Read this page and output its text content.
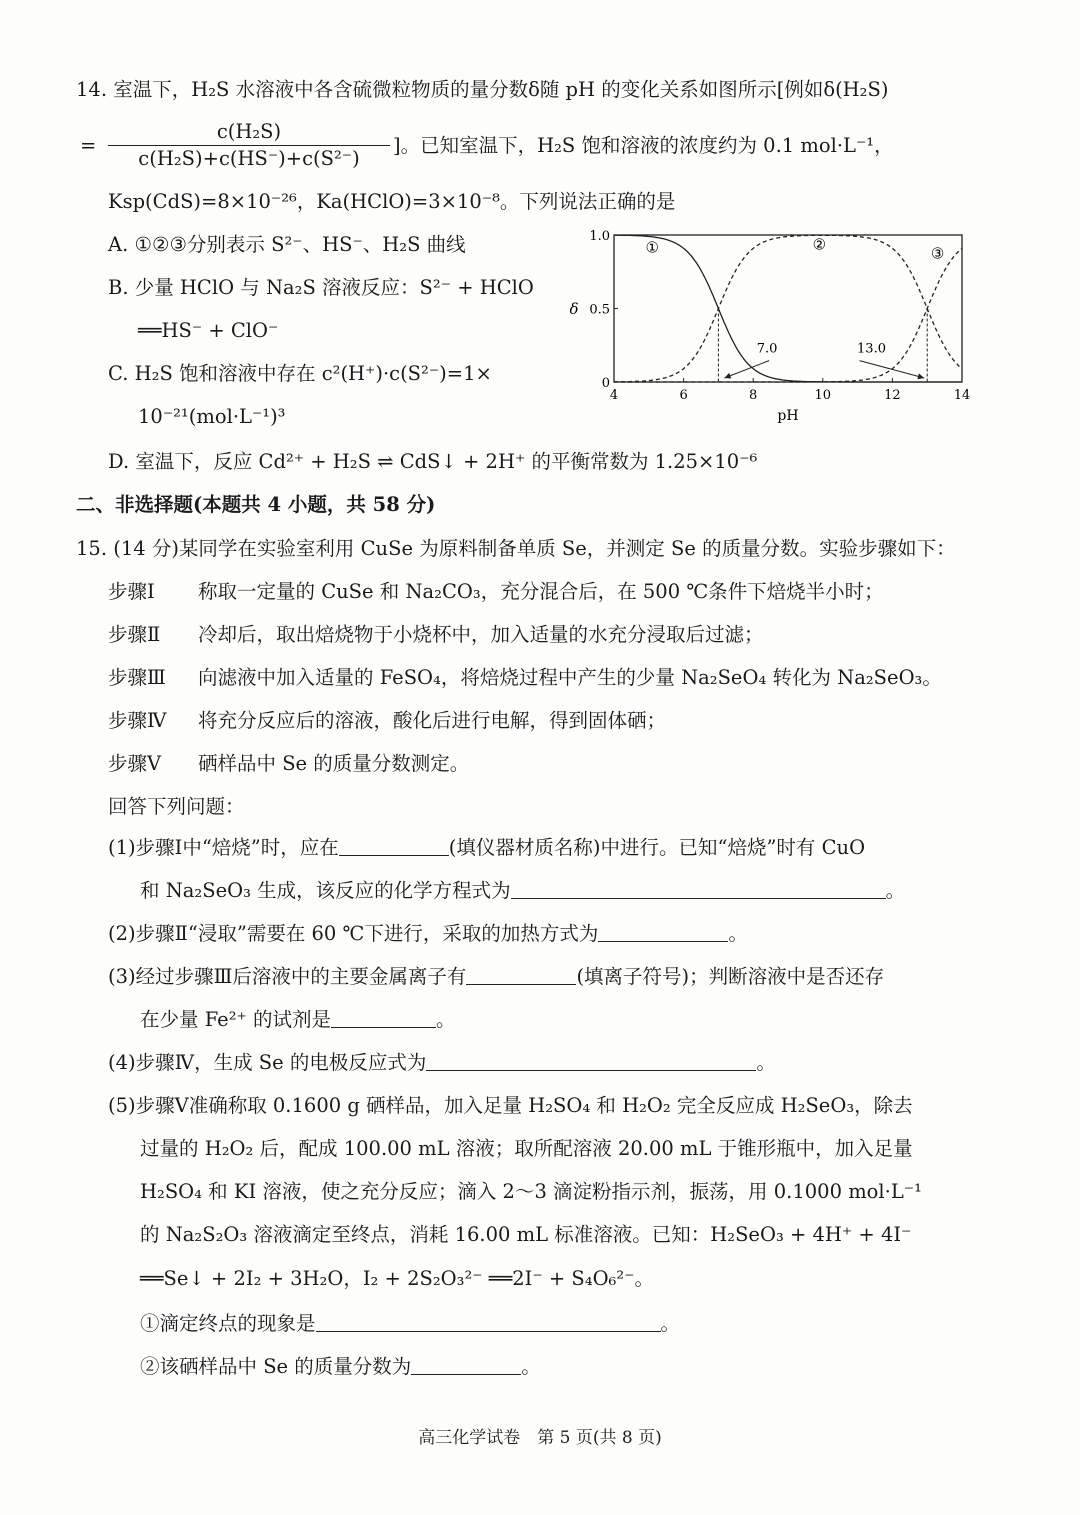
14. 室温下，H₂S 水溶液中各含硫微粒物质的量分数δ随 pH 的变化关系如图所示[例如δ(H₂S)
= $\frac{\text{c(H₂S)}}{\text{c(H₂S)+c(HS⁻)+c(S²⁻)}}$ ]。已知室温下，H₂S 饱和溶液的浓度约为 0.1 mol·L⁻¹，
Ksp(CdS)=8×10⁻²⁶，Ka(HClO)=3×10⁻⁸。下列说法正确的是
A. ①②③分别表示 S²⁻、HS⁻、H₂S 曲线
B. 少量 HClO 与 Na₂S 溶液反应：S²⁻ + HClO
══HS⁻ + ClO⁻
C. H₂S 饱和溶液中存在 c²(H⁺)·c(S²⁻)=1×
10⁻²¹(mol·L⁻¹)³
D. 室温下，反应 Cd²⁺ + H₂S ⇌ CdS↓ + 2H⁺ 的平衡常数为 1.25×10⁻⁶
4	6	8	10	12	14
0
0.5
1.0
①	②	③
7.0	13.0
pH
δ
二、非选择题(本题共 4 小题，共 58 分)
15. (14 分)某同学在实验室利用 CuSe 为原料制备单质 Se，并测定 Se 的质量分数。实验步骤如下：
步骤Ⅰ 称取一定量的 CuSe 和 Na₂CO₃，充分混合后，在 500 ℃条件下焙烧半小时；
步骤Ⅱ 冷却后，取出焙烧物于小烧杯中，加入适量的水充分浸取后过滤；
步骤Ⅲ 向滤液中加入适量的 FeSO₄，将焙烧过程中产生的少量 Na₂SeO₄ 转化为 Na₂SeO₃。
步骤Ⅳ 将充分反应后的溶液，酸化后进行电解，得到固体硒；
步骤Ⅴ 硒样品中 Se 的质量分数测定。
回答下列问题：
(1)步骤Ⅰ中“焙烧”时，应在	(填仪器材质名称)中进行。已知“焙烧”时有 CuO
和 Na₂SeO₃ 生成，该反应的化学方程式为	。
(2)步骤Ⅱ“浸取”需要在 60 ℃下进行，采取的加热方式为	。
(3)经过步骤Ⅲ后溶液中的主要金属离子有	(填离子符号)；判断溶液中是否还存
在少量 Fe²⁺ 的试剂是	。
(4)步骤Ⅳ，生成 Se 的电极反应式为	。
(5)步骤Ⅴ准确称取 0.1600 g 硒样品，加入足量 H₂SO₄ 和 H₂O₂ 完全反应成 H₂SeO₃，除去
过量的 H₂O₂ 后，配成 100.00 mL 溶液；取所配溶液 20.00 mL 于锥形瓶中，加入足量
H₂SO₄ 和 KI 溶液，使之充分反应；滴入 2～3 滴淀粉指示剂，振荡，用 0.1000 mol·L⁻¹
的 Na₂S₂O₃ 溶液滴定至终点，消耗 16.00 mL 标准溶液。已知：H₂SeO₃ + 4H⁺ + 4I⁻
══Se↓ + 2I₂ + 3H₂O，I₂ + 2S₂O₃²⁻ ══2I⁻ + S₄O₆²⁻。
①滴定终点的现象是	。
②该硒样品中 Se 的质量分数为	。
高三化学试卷　第 5 页(共 8 页)
